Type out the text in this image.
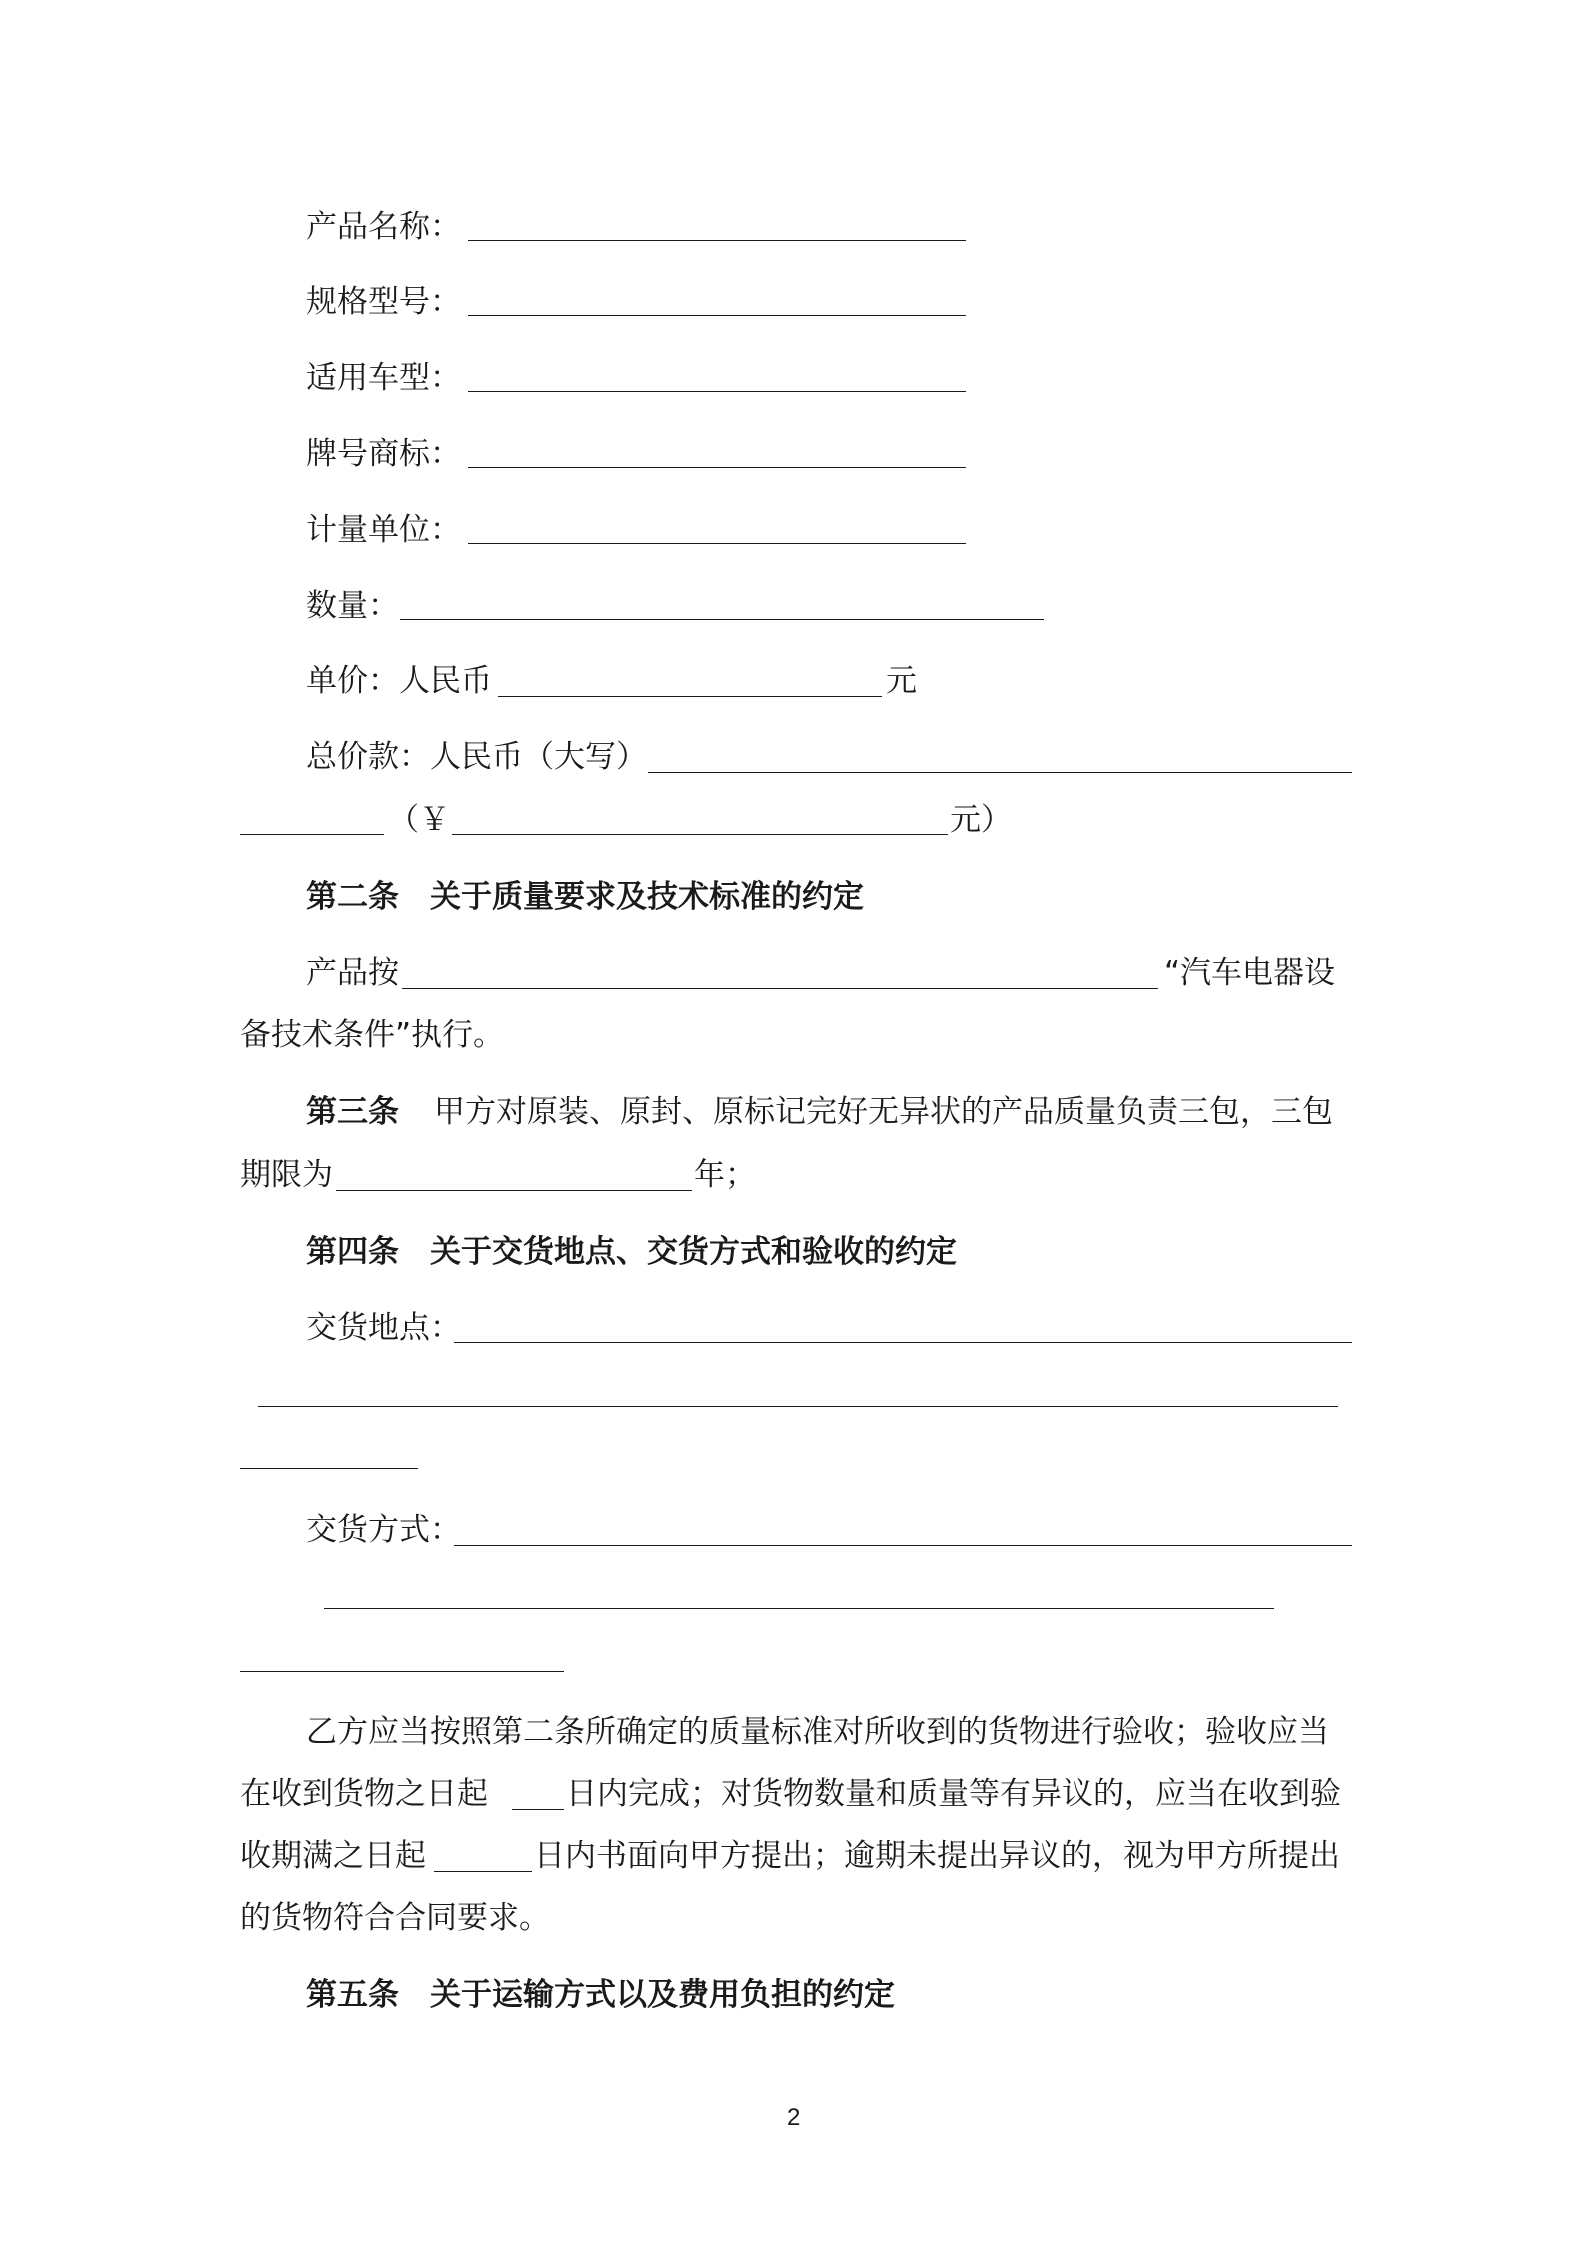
产品名称：
规格型号：
适用车型：
牌号商标：
计量单位：
数量：
单价：人民币	元
总价款：人民币（大写）
（￥	元）
第二条　关于质量要求及技术标准的约定
产品按	“汽车电器设
备技术条件”执行。
第三条 甲方对原装、原封、原标记完好无异状的产品质量负责三包，三包
期限为	年；
第四条　关于交货地点、交货方式和验收的约定
交货地点：
交货方式：
乙方应当按照第二条所确定的质量标准对所收到的货物进行验收；验收应当
在收到货物之日起	日内完成；对货物数量和质量等有异议的，应当在收到验
收期满之日起	日内书面向甲方提出；逾期未提出异议的，视为甲方所提出
的货物符合合同要求。
第五条　关于运输方式以及费用负担的约定
2
